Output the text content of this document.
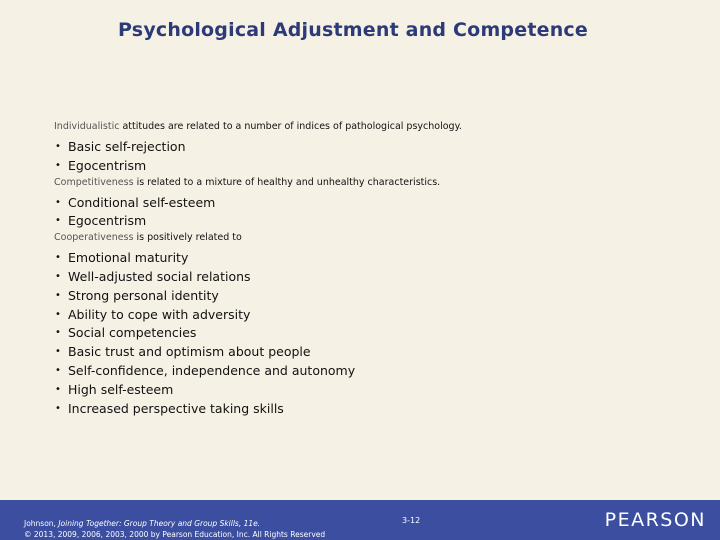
Psychological Adjustment and Competence
Individualistic attitudes are related to a number of indices of pathological psychology.
• Basic self-rejection
• Egocentrism
Competitiveness is related to a mixture of healthy and unhealthy characteristics.
• Conditional self-esteem
• Egocentrism
Cooperativeness is positively related to
• Emotional maturity
• Well-adjusted social relations
• Strong personal identity
• Ability to cope with adversity
• Social competencies
• Basic trust and optimism about people
• Self-confidence, independence and autonomy
• High self-esteem
• Increased perspective taking skills
Johnson, Joining Together: Group Theory and Group Skills, 11e.
© 2013, 2009, 2006, 2003, 2000 by Pearson Education, Inc. All Rights Reserved
3-12	PEARSON
